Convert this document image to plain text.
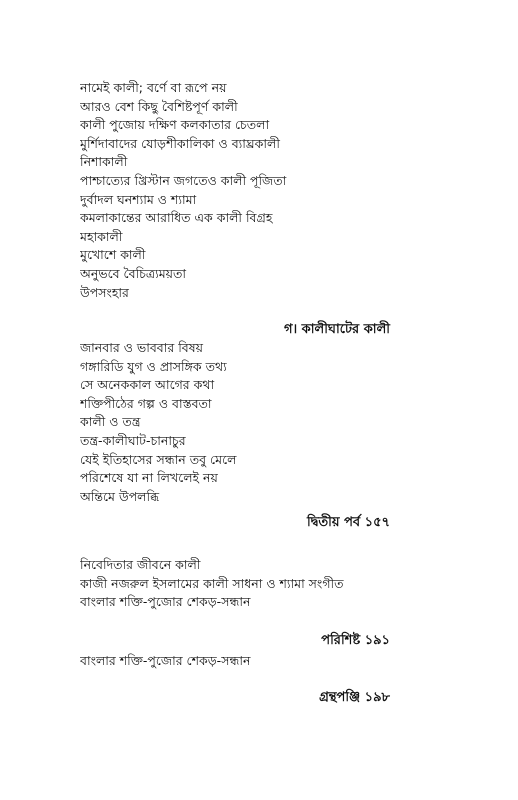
নামেই কালী; বর্ণে বা রূপে নয়
আরও বেশ কিছু বৈশিষ্টপূর্ণ কালী
কালী পুজোয় দক্ষিণ কলকাতার চেতলা
মুর্শিদাবাদের যোড়শীকালিকা ও ব্যাঘ্রকালী
নিশাকালী
পাশ্চাত্যের খ্রিস্টান জগতেও কালী পূজিতা
দুর্বাদল ঘনশ্যাম ও শ্যামা
কমলাকান্তের আরাধিত এক কালী বিগ্রহ
মহাকালী
মুখোশে কালী
অনুভবে বৈচিত্র্যময়তা
উপসংহার
গ। কালীঘাটের কালী
জানবার ও ভাববার বিষয়
গঙ্গারিডি যুগ ও প্রাসঙ্গিক তথ্য
সে অনেককাল আগের কথা
শক্তিপীঠের গল্প ও বাস্তবতা
কালী ও তন্ত্র
তন্ত্র-কালীঘাট-চানাচুর
যেই ইতিহাসের সন্ধান তবু মেলে
পরিশেষে যা না লিখলেই নয়
অন্তিমে উপলব্ধি
দ্বিতীয় পর্ব ১৫৭
নিবেদিতার জীবনে কালী
কাজী নজরুল ইসলামের কালী সাধনা ও শ্যামা সংগীত
বাংলার শক্তি-পুজোর শেকড়-সন্ধান
পরিশিষ্ট ১৯১
বাংলার শক্তি-পুজোর শেকড়-সন্ধান
গ্রন্থপঞ্জি ১৯৮
